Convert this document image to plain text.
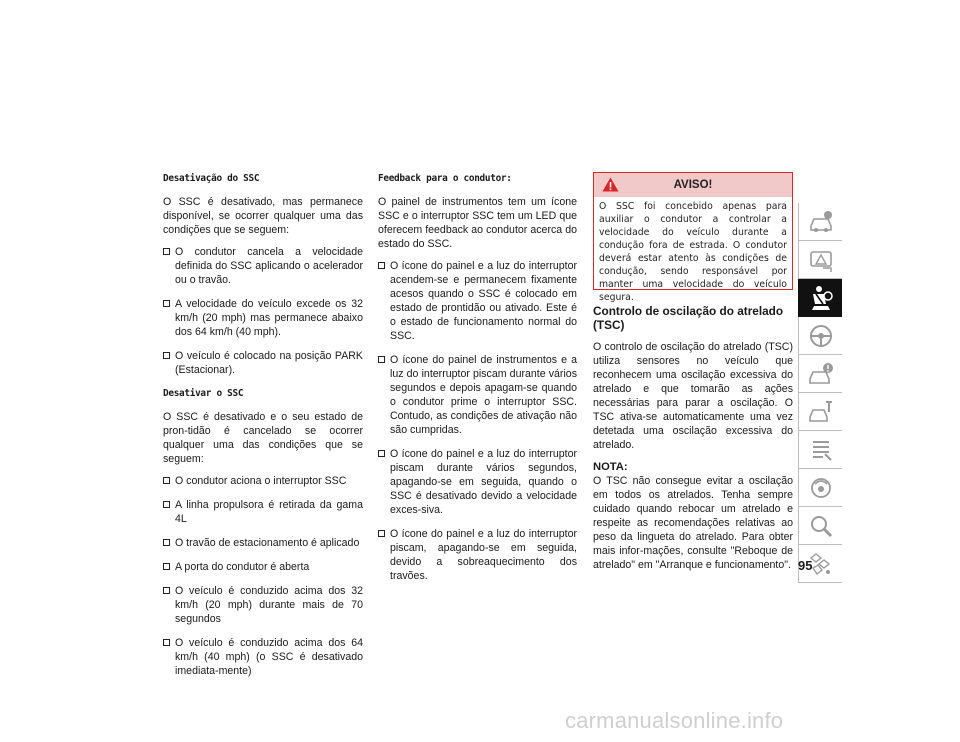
Desativação do SSC

O SSC é desativado, mas permanece disponível, se ocorrer qualquer uma das condições que se seguem:

O condutor cancela a velocidade definida do SSC aplicando o acelerador ou o travão.
A velocidade do veículo excede os 32 km/h (20 mph) mas permanece abaixo dos 64 km/h (40 mph).
O veículo é colocado na posição PARK (Estacionar).
Desativar o SSC

O SSC é desativado e o seu estado de pron-tidão é cancelado se ocorrer qualquer uma das condições que se seguem:

O condutor aciona o interruptor SSC
A linha propulsora é retirada da gama 4L
O travão de estacionamento é aplicado
A porta do condutor é aberta
O veículo é conduzido acima dos 32 km/h (20 mph) durante mais de 70 segundos
O veículo é conduzido acima dos 64 km/h (40 mph) (o SSC é desativado imediata-mente)
Feedback para o condutor:

O painel de instrumentos tem um ícone SSC e o interruptor SSC tem um LED que oferecem feedback ao condutor acerca do estado do SSC.

O ícone do painel e a luz do interruptor acendem-se e permanecem fixamente acesos quando o SSC é colocado em estado de prontidão ou ativado. Este é o estado de funcionamento normal do SSC.
O ícone do painel de instrumentos e a luz do interruptor piscam durante vários segundos e depois apagam-se quando o condutor prime o interruptor SSC. Contudo, as condições de ativação não são cumpridas.
O ícone do painel e a luz do interruptor piscam durante vários segundos, apagando-se em seguida, quando o SSC é desativado devido a velocidade exces-siva.
O ícone do painel e a luz do interruptor piscam, apagando-se em seguida, devido a sobreaquecimento dos travões.
AVISO!
O SSC foi concebido apenas para auxiliar o condutor a controlar a velocidade do veículo durante a condução fora de estrada. O condutor deverá estar atento às condições de condução, sendo responsável por manter uma velocidade do veículo segura.
Controlo de oscilação do atrelado (TSC)

O controlo de oscilação do atrelado (TSC) utiliza sensores no veículo que reconhecem uma oscilação excessiva do atrelado e que tomarão as ações necessárias para parar a oscilação. O TSC ativa-se automaticamente uma vez detetada uma oscilação excessiva do atrelado.

NOTA:

O TSC não consegue evitar a oscilação em todos os atrelados. Tenha sempre cuidado quando rebocar um atrelado e respeite as recomendações relativas ao peso da lingueta do atrelado. Para obter mais infor-mações, consulte "Reboque de atrelado" em "Arranque e funcionamento". 95
carmanualsonline.info
